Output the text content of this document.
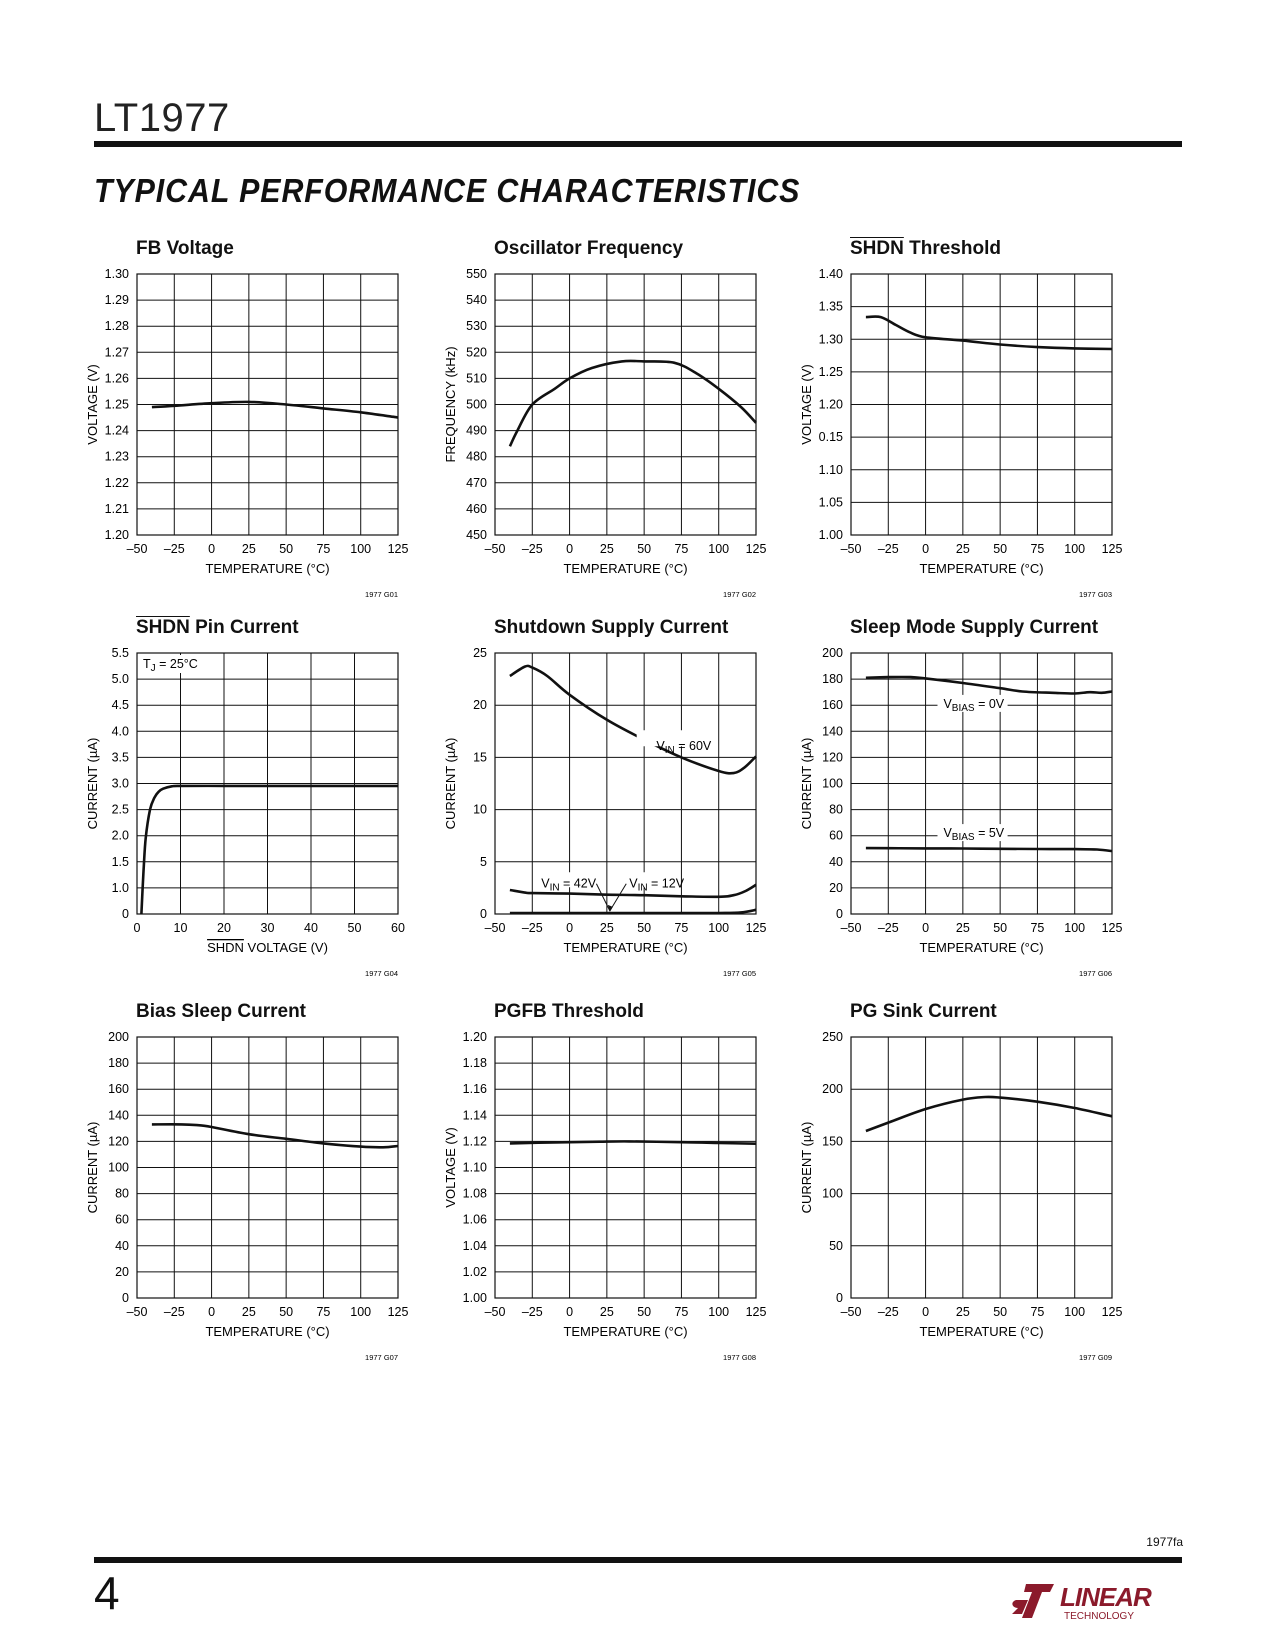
LT1977
TYPICAL PERFORMANCE CHARACTERISTICS
FB Voltage
–50 –25 0 25 50 75 100 125
1.20
1.21
1.22
1.23
1.24
1.25
1.26
1.27
1.28
1.29
1.30
TEMPERATURE (°C)
VOLTAGE (V)
1977 G01
Oscillator Frequency
–50 –25 0 25 50 75 100 125
450
460
470
480
490
500
510
520
530
540
550
TEMPERATURE (°C)
FREQUENCY (kHz)
1977 G02
SHDN Threshold
–50 –25 0 25 50 75 100 125
1.00
1.05
1.10
0.15
1.20
1.25
1.30
1.35
1.40
TEMPERATURE (°C)
VOLTAGE (V)
1977 G03
SHDN Pin Current
0	10 20 30 40 50 60
0
1.0
1.5
2.0
2.5
3.0
3.5
4.0
4.5
5.0
5.5
SHDN VOLTAGE (V)
CURRENT (µA)
$T_J = 25^\circ C$
1977 G04
Shutdown Supply Current
–50 –25 0 25 50 75 100 125
0
5
10
15
20
25
TEMPERATURE (°C)
CURRENT (µA)	$V_{IN} = 60V$
$V_{IN} = 42V$	$V_{IN} = 12V$
1977 G05
Sleep Mode Supply Current
–50 –25 0 25 50 75 100 125
0
20
40
60
80
100
120
140
160
180
200
TEMPERATURE (°C)
CURRENT (µA)
$V_{BIAS} = 0V$
$V_{BIAS} = 5V$
1977 G06
Bias Sleep Current
–50 –25 0 25 50 75 100 125
0
20
40
60
80
100
120
140
160
180
200
TEMPERATURE (°C)
CURRENT (µA)
1977 G07
PGFB Threshold
–50 –25 0 25 50 75 100 125
1.00
1.02
1.04
1.06
1.08
1.10
1.12
1.14
1.16
1.18
1.20
TEMPERATURE (°C)
VOLTAGE (V)
1977 G08
PG Sink Current
–50 –25 0 25 50 75 100 125
0
50
100
150
200
250
TEMPERATURE (°C)
CURRENT (µA)
1977 G09
1977fa
4	LINEAR
TECHNOLOGY
